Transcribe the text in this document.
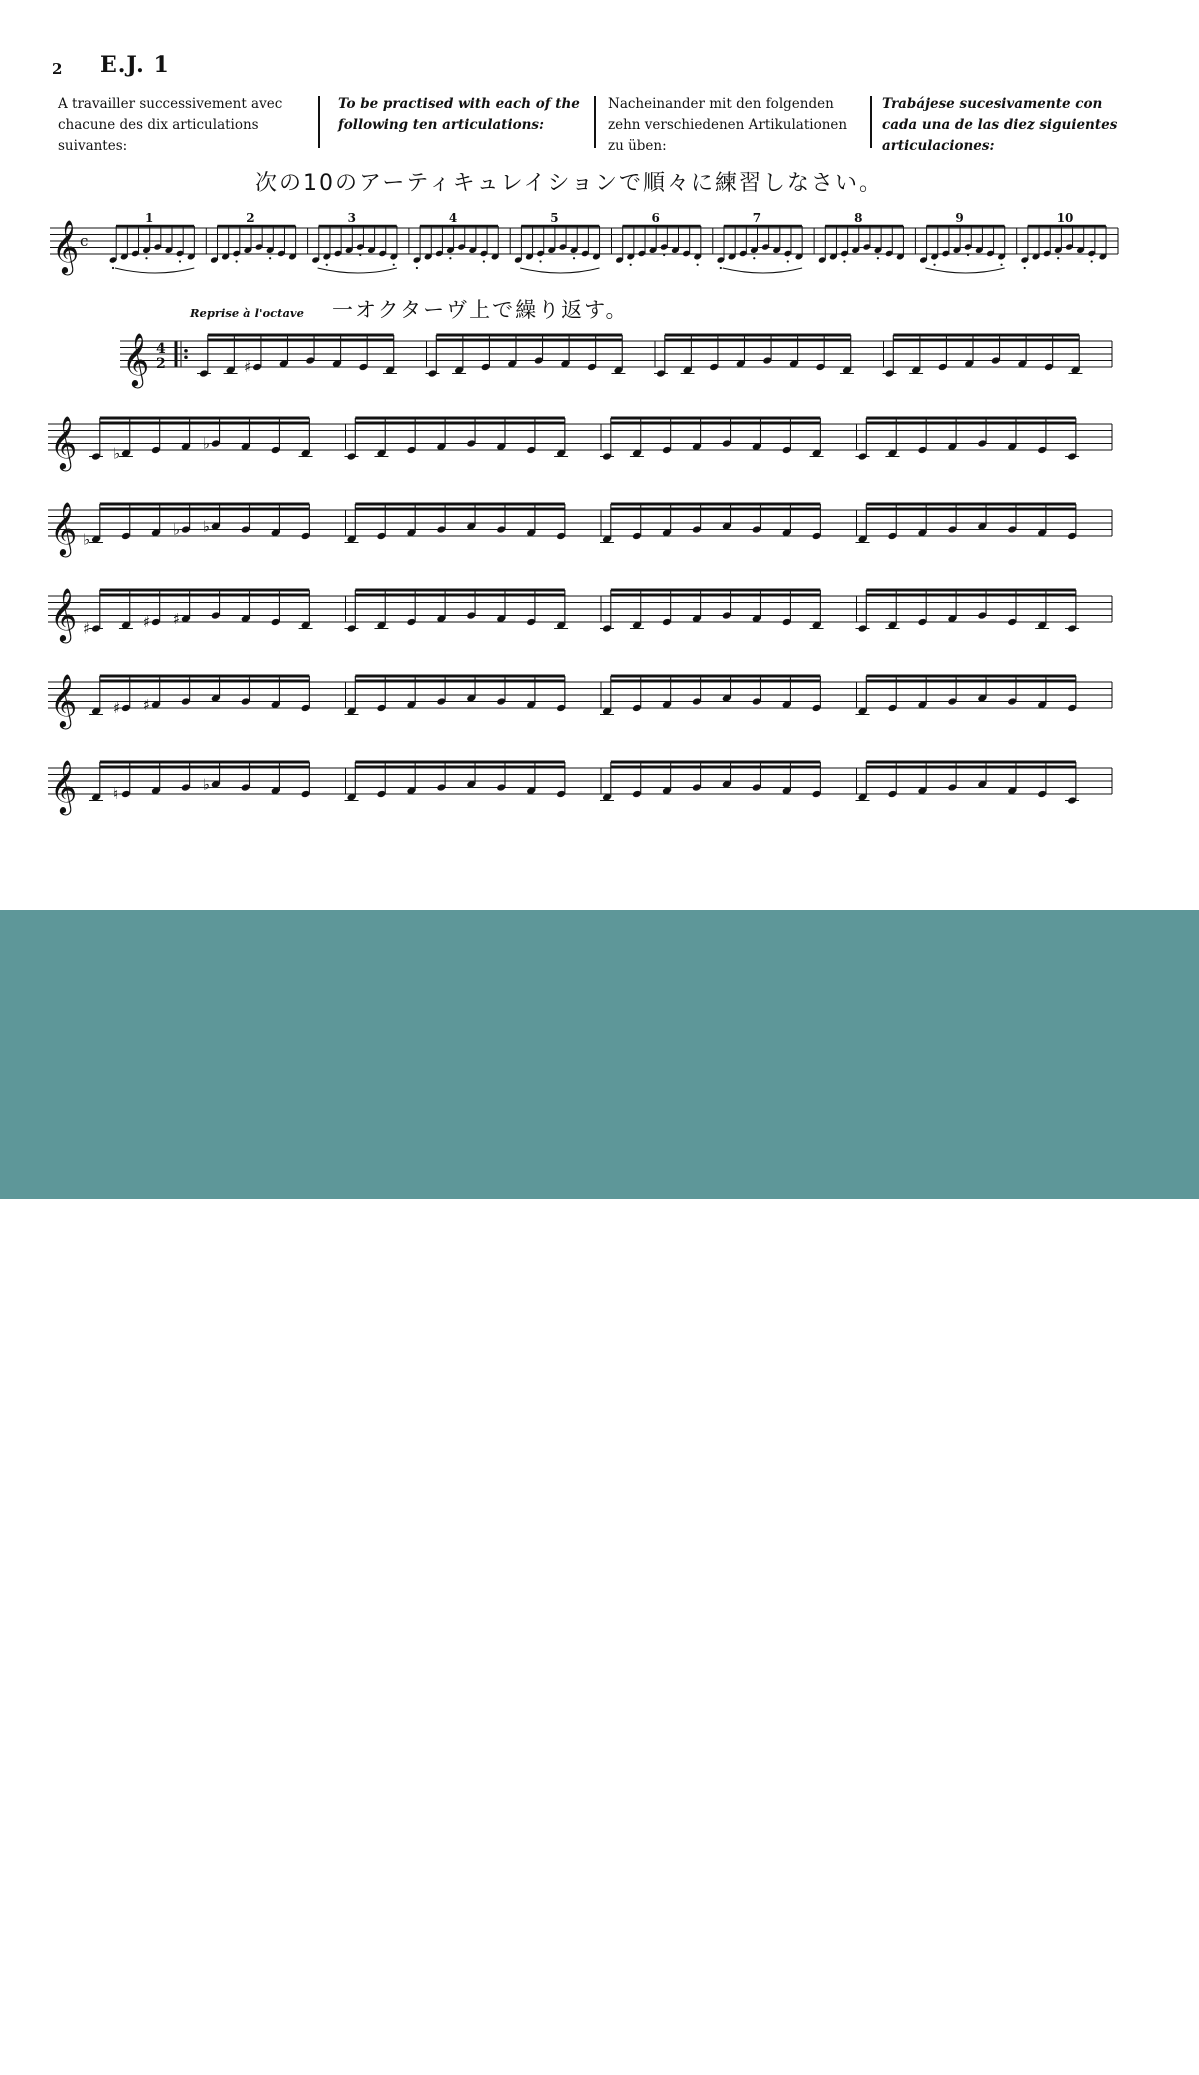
2 E.J. 1
A travailler successivement avec chacune des dix articulations suivantes:
To be practised with each of the following ten articulations:
Nacheinander mit den folgenden zehn verschiedenen Artikulationen zu üben:
Trabájese sucesivamente con cada una de las diez siguientes articulaciones:
次の10のアーティキュレイションで順々に練習しなさい。
Reprise à l'octave 一オクターヴ上で繰り返す。
𝄞 c
1	2	3	4	5	6	7	8	9	10
𝄞 4
2	♯
𝄞 ♭
♭
𝄞 ♭
♭ ♭
𝄞 ♯	♯ ♯
𝄞 ♯ ♯
𝄞 ♮
♭
ısland music
